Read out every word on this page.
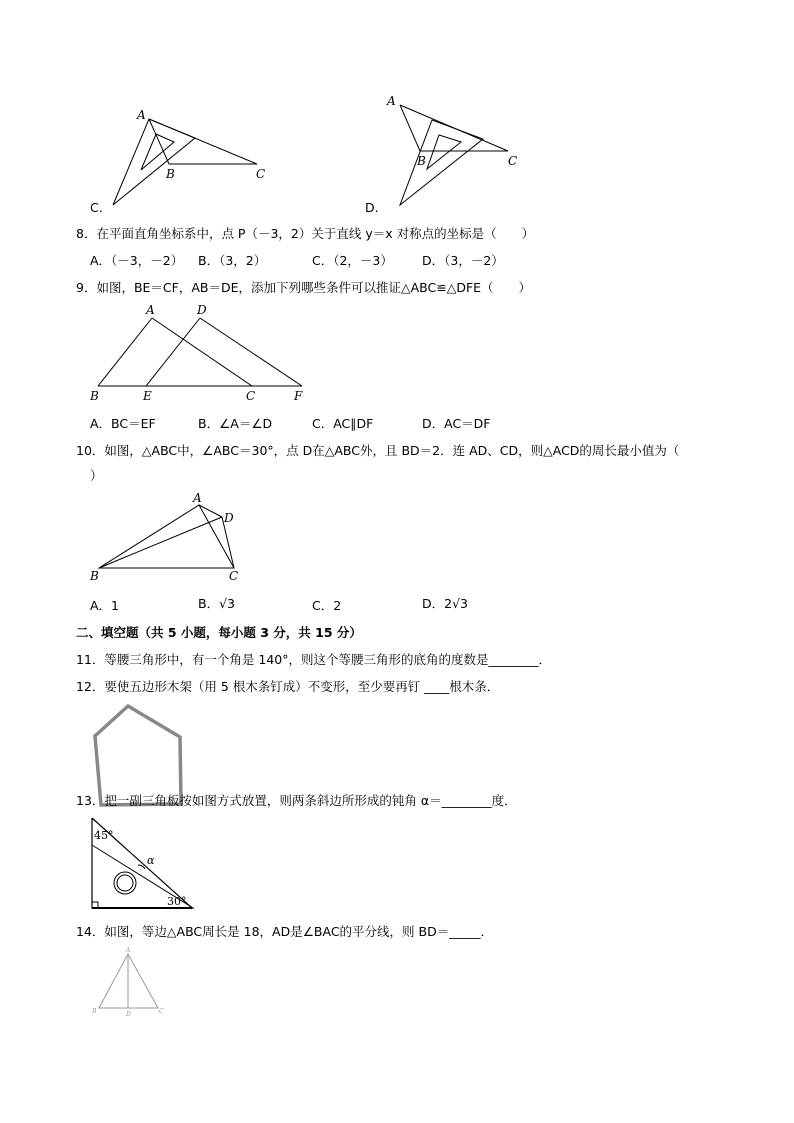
A
B	C
C.
A
B	C
D.
8．在平面直角坐标系中，点 P（－3，2）关于直线 y＝x 对称点的坐标是（　　）
A．（－3，－2） B．（3，2）	C．（2，－3） D．（3，－2）
9．如图，BE＝CF，AB＝DE，添加下列哪些条件可以推证△ABC≌△DFE（　　）
A	D
B	E	C	F
A．BC＝EF	B．∠A＝∠D	C．AC∥DF	D．AC＝DF
10．如图，△ABC中，∠ABC＝30°，点 D在△ABC外，且 BD＝2．连 AD、CD，则△ACD的周长最小值为（
）
A
D
B	C
A．1	B．√3	C．2	D．2√3
二、填空题（共 5 小题，每小题 3 分，共 15 分）
11．等腰三角形中，有一个角是 140°，则这个等腰三角形的底角的度数是________．
12．要使五边形木架（用 5 根木条钉成）不变形，至少要再钉 ____根木条．
13．把一副三角板按如图方式放置，则两条斜边所形成的钝角 α＝________度．
α
45°
30°
14．如图，等边△ABC周长是 18，AD是∠BAC的平分线，则 BD＝_____．
A
B	D	C
